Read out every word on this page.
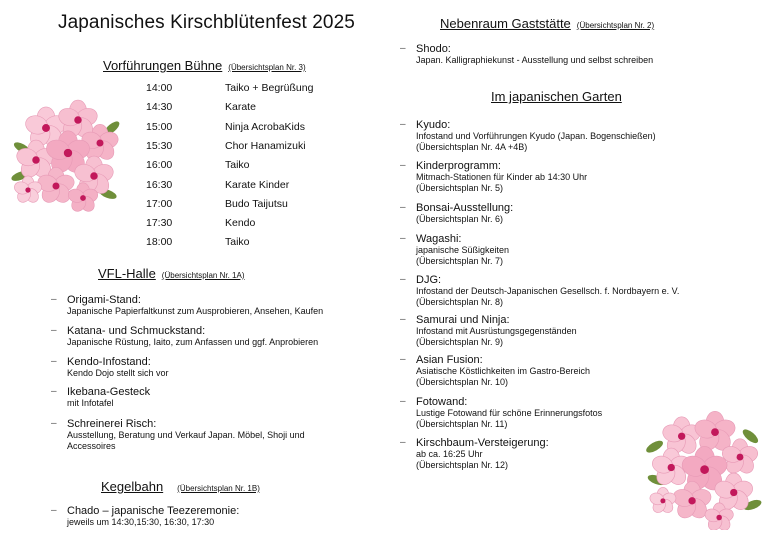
Japanisches Kirschblütenfest 2025
Vorführungen Bühne (Übersichtsplan Nr. 3)
14:00	Taiko + Begrüßung
14:30	Karate
15:00	Ninja AcrobaKids
15:30	Chor Hanamizuki
16:00	Taiko
16:30	Karate Kinder
17:00	Budo Taijutsu
17:30	Kendo
18:00	Taiko
VFL-Halle (Übersichtsplan Nr. 1A)
– Origami-Stand:
Japanische Papierfaltkunst zum Ausprobieren, Ansehen, Kaufen
– Katana- und Schmuckstand:
Japanische Rüstung, Iaito, zum Anfassen und ggf. Anprobieren
– Kendo-Infostand:
Kendo Dojo stellt sich vor
– Ikebana-Gesteck
mit Infotafel
– Schreinerei Risch:
Ausstellung, Beratung und Verkauf Japan. Möbel, Shoji und
Accessoires
Kegelbahn (Übersichtsplan Nr. 1B)
– Chado – japanische Teezeremonie:
jeweils um 14:30,15:30, 16:30, 17:30
Nebenraum Gaststätte (Übersichtsplan Nr. 2)
– Shodo:
Japan. Kalligraphiekunst - Ausstellung und selbst schreiben
Im japanischen Garten
– Kyudo:
Infostand und Vorführungen Kyudo (Japan. Bogenschießen)
(Übersichtsplan Nr. 4A +4B)
– Kinderprogramm:
Mitmach-Stationen für Kinder ab 14:30 Uhr
(Übersichtsplan Nr. 5)
– Bonsai-Ausstellung:
(Übersichtsplan Nr. 6)
– Wagashi:
japanische Süßigkeiten
(Übersichtsplan Nr. 7)
– DJG:
Infostand der Deutsch-Japanischen Gesellsch. f. Nordbayern e. V.
(Übersichtsplan Nr. 8)
– Samurai und Ninja:
Infostand mit Ausrüstungsgegenständen
(Übersichtsplan Nr. 9)
– Asian Fusion:
Asiatische Köstlichkeiten im Gastro-Bereich
(Übersichtsplan Nr. 10)
– Fotowand:
Lustige Fotowand für schöne Erinnerungsfotos
(Übersichtsplan Nr. 11)
– Kirschbaum-Versteigerung:
ab ca. 16:25 Uhr
(Übersichtsplan Nr. 12)
